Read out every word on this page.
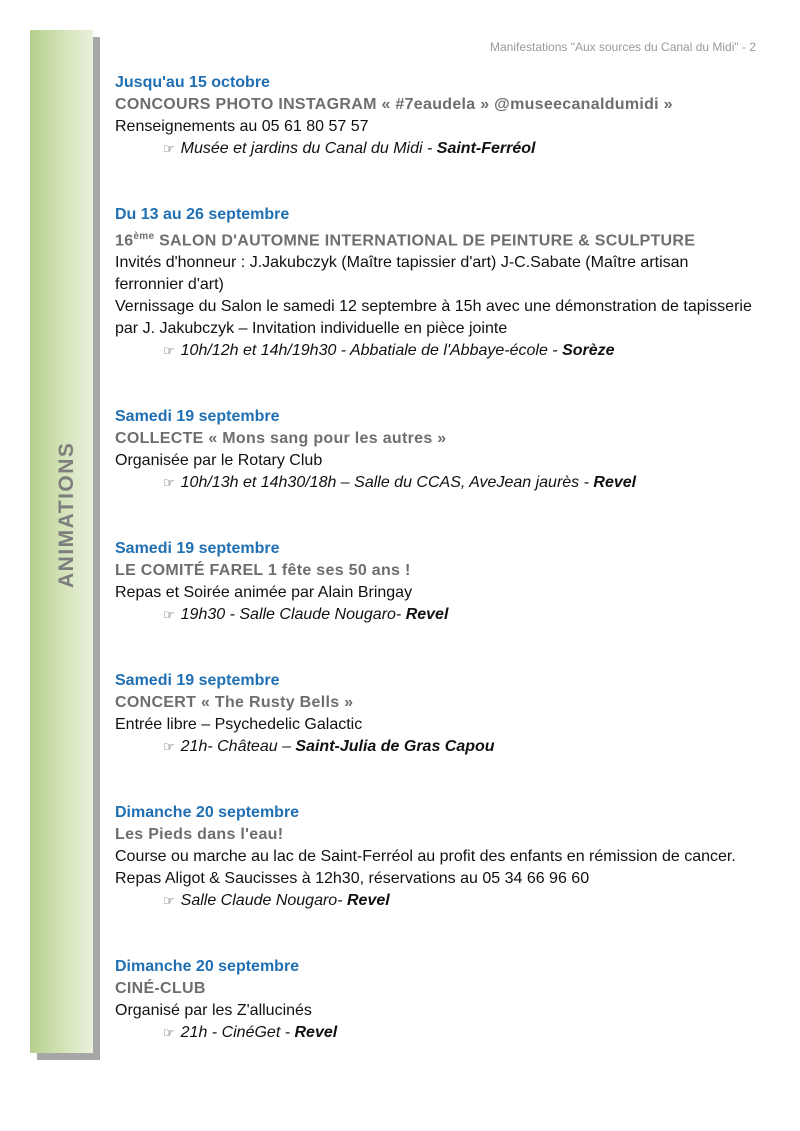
Manifestations "Aux sources du Canal du Midi" - 2
ANIMATIONS
Jusqu'au 15 octobre
CONCOURS PHOTO INSTAGRAM « #7eaudela » @museecanaldumidi »
Renseignements au 05 61 80 57 57
☞ Musée et jardins du Canal du Midi - Saint-Ferréol
Du 13 au 26 septembre
16ème SALON D'AUTOMNE INTERNATIONAL DE PEINTURE & SCULPTURE
Invités d'honneur : J.Jakubczyk (Maître tapissier d'art) J-C.Sabate (Maître artisan ferronnier d'art)
Vernissage du Salon le samedi 12 septembre à 15h avec une démonstration de tapisserie par J. Jakubczyk – Invitation individuelle en pièce jointe
☞ 10h/12h et 14h/19h30 - Abbatiale de l'Abbaye-école - Sorèze
Samedi 19 septembre
COLLECTE « Mons sang pour les autres »
Organisée par le Rotary Club
☞ 10h/13h et 14h30/18h – Salle du CCAS, AveJean jaurès - Revel
Samedi 19 septembre
LE COMITÉ FAREL 1 fête ses 50 ans !
Repas et Soirée animée par Alain Bringay
☞ 19h30 - Salle Claude Nougaro- Revel
Samedi 19 septembre
CONCERT « The Rusty Bells »
Entrée libre – Psychedelic Galactic
☞ 21h- Château – Saint-Julia de Gras Capou
Dimanche 20 septembre
Les Pieds dans l'eau!
Course ou marche au lac de Saint-Ferréol au profit des enfants en rémission de cancer. Repas Aligot & Saucisses à 12h30, réservations au 05 34 66 96 60
☞ Salle Claude Nougaro- Revel
Dimanche 20 septembre
CINÉ-CLUB
Organisé par les Z'allucinés
☞ 21h - CinéGet - Revel
